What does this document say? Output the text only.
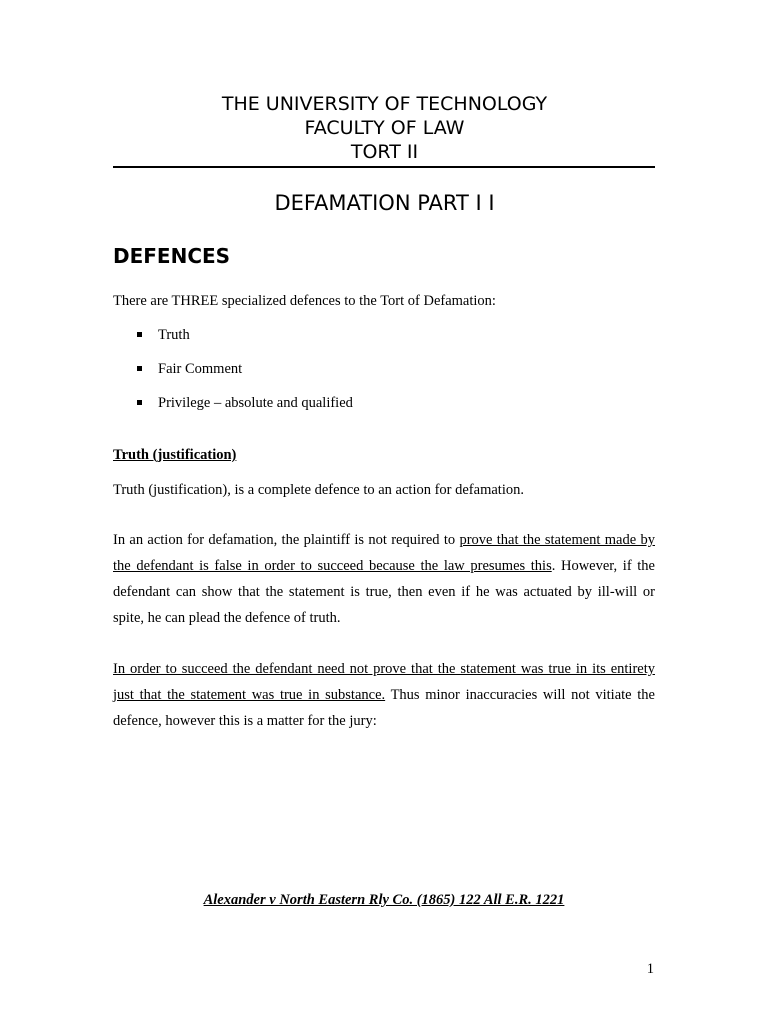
THE UNIVERSITY OF TECHNOLOGY
FACULTY OF LAW
TORT II
DEFAMATION PART I I
DEFENCES
There are THREE specialized defences to the Tort of Defamation:
Truth
Fair Comment
Privilege – absolute and qualified
Truth (justification)
Truth (justification), is a complete defence to an action for defamation.
In an action for defamation, the plaintiff is not required to prove that the statement made by the defendant is false in order to succeed because the law presumes this. However, if the defendant can show that the statement is true, then even if he was actuated by ill-will or spite, he can plead the defence of truth.
In order to succeed the defendant need not prove that the statement was true in its entirety just that the statement was true in substance. Thus minor inaccuracies will not vitiate the defence, however this is a matter for the jury:
Alexander v North Eastern Rly Co. (1865) 122 All E.R. 1221
1
